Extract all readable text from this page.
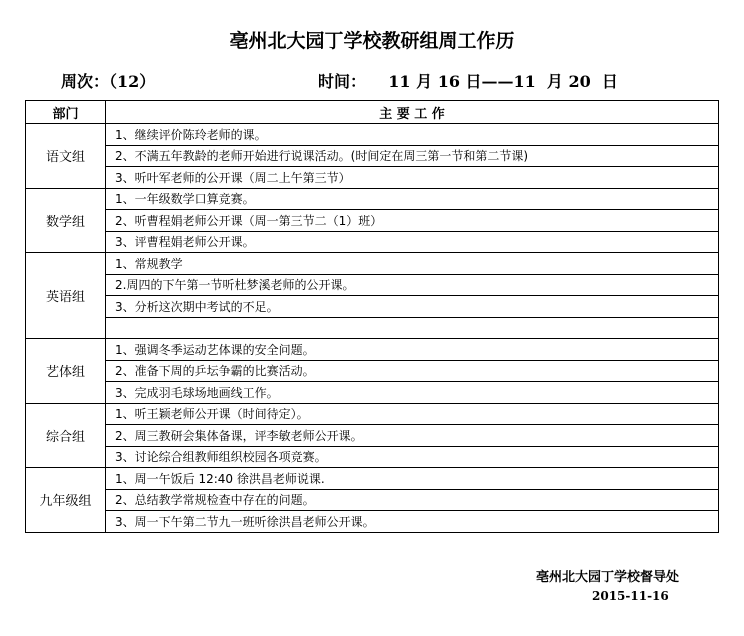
亳州北大园丁学校教研组周工作历
周次：（12）	时间：    11 月 16 日——11  月 20  日
部门	主 要 工 作
语文组	1、继续评价陈玲老师的课。
	2、不满五年教龄的老师开始进行说课活动。(时间定在周三第一节和第二节课)
	3、听叶军老师的公开课（周二上午第三节）
数学组	1、一年级数学口算竞赛。
	2、听曹程娟老师公开课（周一第三节二（1）班）
	3、评曹程娟老师公开课。
英语组	1、常规教学
	2.周四的下午第一节听杜梦溪老师的公开课。
	3、分析这次期中考试的不足。

艺体组	1、强调冬季运动艺体课的安全问题。
	2、准备下周的乒坛争霸的比赛活动。
	3、完成羽毛球场地画线工作。
综合组	1、听王颖老师公开课（时间待定）。
	2、周三教研会集体备课，评李敏老师公开课。
	3、讨论综合组教师组织校园各项竞赛。
九年级组	1、周一午饭后 12:40 徐洪昌老师说课.
	2、总结教学常规检查中存在的问题。
	3、周一下午第二节九一班听徐洪昌老师公开课。
亳州北大园丁学校督导处
2015-11-16
